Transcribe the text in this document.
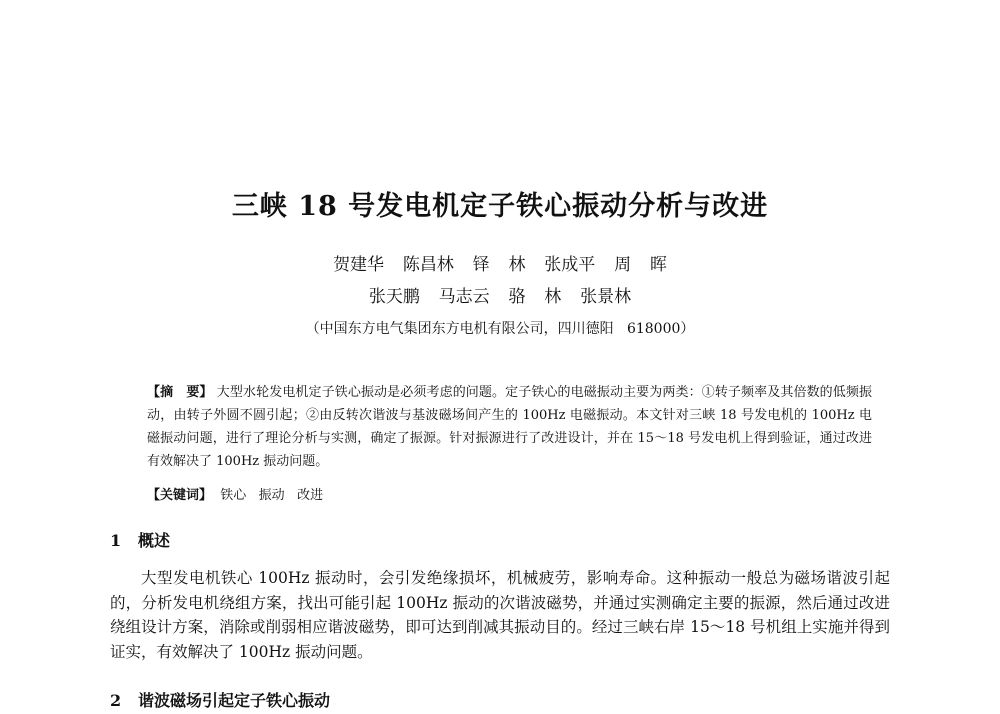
三峡 18 号发电机定子铁心振动分析与改进
贺建华  陈昌林  铎  林  张成平  周  晖
张天鹏  马志云  骆  林  张景林
（中国东方电气集团东方电机有限公司，四川德阳   618000）
【摘　要】 大型水轮发电机定子铁心振动是必须考虑的问题。定子铁心的电磁振动主要为两类：①转子频率及其倍数的低频振动，由转子外圆不圆引起；②由反转次谐波与基波磁场间产生的 100Hz 电磁振动。本文针对三峡 18 号发电机的 100Hz 电磁振动问题，进行了理论分析与实测，确定了振源。针对振源进行了改进设计，并在 15～18 号发电机上得到验证，通过改进有效解决了 100Hz 振动问题。
【关键词】  铁心   振动   改进
1 概述
大型发电机铁心 100Hz 振动时，会引发绝缘损坏，机械疲劳，影响寿命。这种振动一般总为磁场谐波引起的，分析发电机绕组方案，找出可能引起 100Hz 振动的次谐波磁势，并通过实测确定主要的振源，然后通过改进绕组设计方案，消除或削弱相应谐波磁势，即可达到削减其振动目的。经过三峡右岸 15～18 号机组上实施并得到证实，有效解决了 100Hz 振动问题。
2 谐波磁场引起定子铁心振动
